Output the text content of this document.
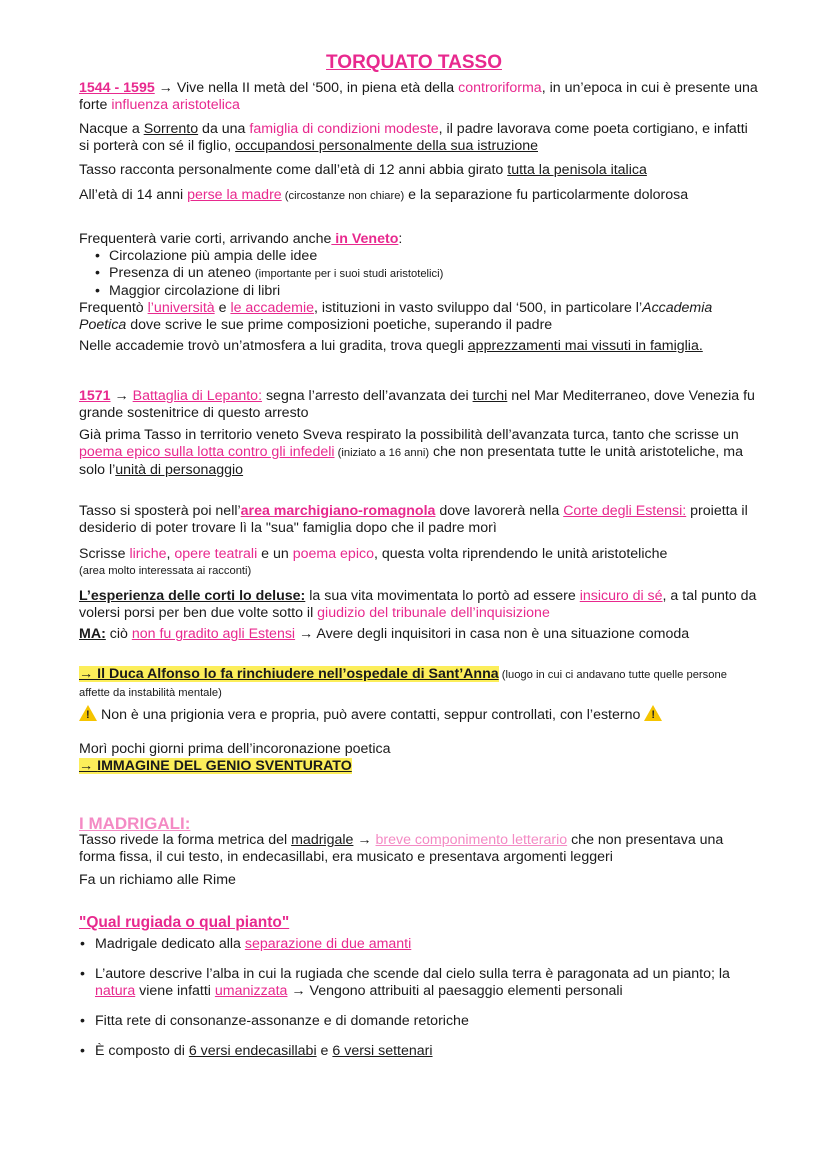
TORQUATO TASSO
1544 - 1595 → Vive nella II metà del ‘500, in piena età della controriforma, in un’epoca in cui è presente una forte influenza aristotelica
Nacque a Sorrento da una famiglia di condizioni modeste, il padre lavorava come poeta cortigiano, e infatti si porterà con sé il figlio, occupandosi personalmente della sua istruzione
Tasso racconta personalmente come dall’età di 12 anni abbia girato tutta la penisola italica
All’età di 14 anni perse la madre (circostanze non chiare) e la separazione fu particolarmente dolorosa
Frequenterà varie corti, arrivando anche in Veneto:
• Circolazione più ampia delle idee
• Presenza di un ateneo (importante per i suoi studi aristotelici)
• Maggior circolazione di libri
Frequentò l’università e le accademie, istituzioni in vasto sviluppo dal ‘500, in particolare l’Accademia Poetica dove scrive le sue prime composizioni poetiche, superando il padre
Nelle accademie trovò un’atmosfera a lui gradita, trova quegli apprezzamenti mai vissuti in famiglia.
1571 → Battaglia di Lepanto: segna l’arresto dell’avanzata dei turchi nel Mar Mediterraneo, dove Venezia fu grande sostenitrice di questo arresto
Già prima Tasso in territorio veneto Sveva respirato la possibilità dell’avanzata turca, tanto che scrisse un poema epico sulla lotta contro gli infedeli (iniziato a 16 anni) che non presentata tutte le unità aristoteliche, ma solo l’unità di personaggio
Tasso si sposterà poi nell’area marchigiano-romagnola dove lavorerà nella Corte degli Estensi: proietta il desiderio di poter trovare lì la "sua" famiglia dopo che il padre morì
Scrisse liriche, opere teatrali e un poema epico, questa volta riprendendo le unità aristoteliche
(area molto interessata ai racconti)
L’esperienza delle corti lo deluse: la sua vita movimentata lo portò ad essere insicuro di sé, a tal punto da volersi porsi per ben due volte sotto il giudizio del tribunale dell’inquisizione
MA: ciò non fu gradito agli Estensi → Avere degli inquisitori in casa non è una situazione comoda
→ Il Duca Alfonso lo fa rinchiudere nell’ospedale di Sant’Anna (luogo in cui ci andavano tutte quelle persone affette da instabilità mentale)
! Non è una prigionia vera e propria, può avere contatti, seppur controllati, con l’esterno !
Morì pochi giorni prima dell’incoronazione poetica
→ IMMAGINE DEL GENIO SVENTURATO
I MADRIGALI:
Tasso rivede la forma metrica del madrigale → breve componimento letterario che non presentava una forma fissa, il cui testo, in endecasillabi, era musicato e presentava argomenti leggeri
Fa un richiamo alle Rime
"Qual rugiada o qual pianto"
• Madrigale dedicato alla separazione di due amanti
• L’autore descrive l’alba in cui la rugiada che scende dal cielo sulla terra è paragonata ad un pianto; la natura viene infatti umanizzata → Vengono attribuiti al paesaggio elementi personali
• Fitta rete di consonanze-assonanze e di domande retoriche
• È composto di 6 versi endecasillabi e 6 versi settenari
